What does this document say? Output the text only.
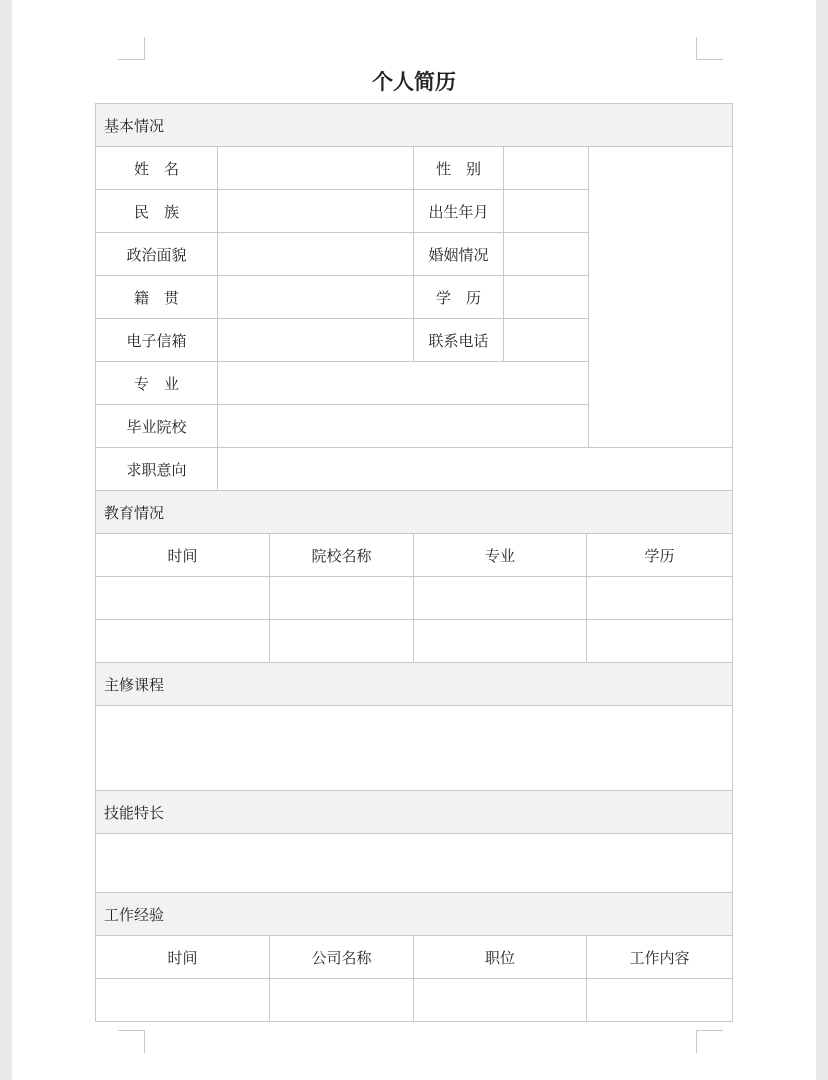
个人简历
基本情况						
姓　名			性　别			
民　族			出生年月			
政治面貌			婚姻情况			
籍　贯			学　历			
电子信箱			联系电话			
专　业						
毕业院校						
求职意向						
教育情况						
时间		院校名称	专业		学历	

主修课程						

技能特长						

工作经验						
时间		公司名称	职位		工作内容	
